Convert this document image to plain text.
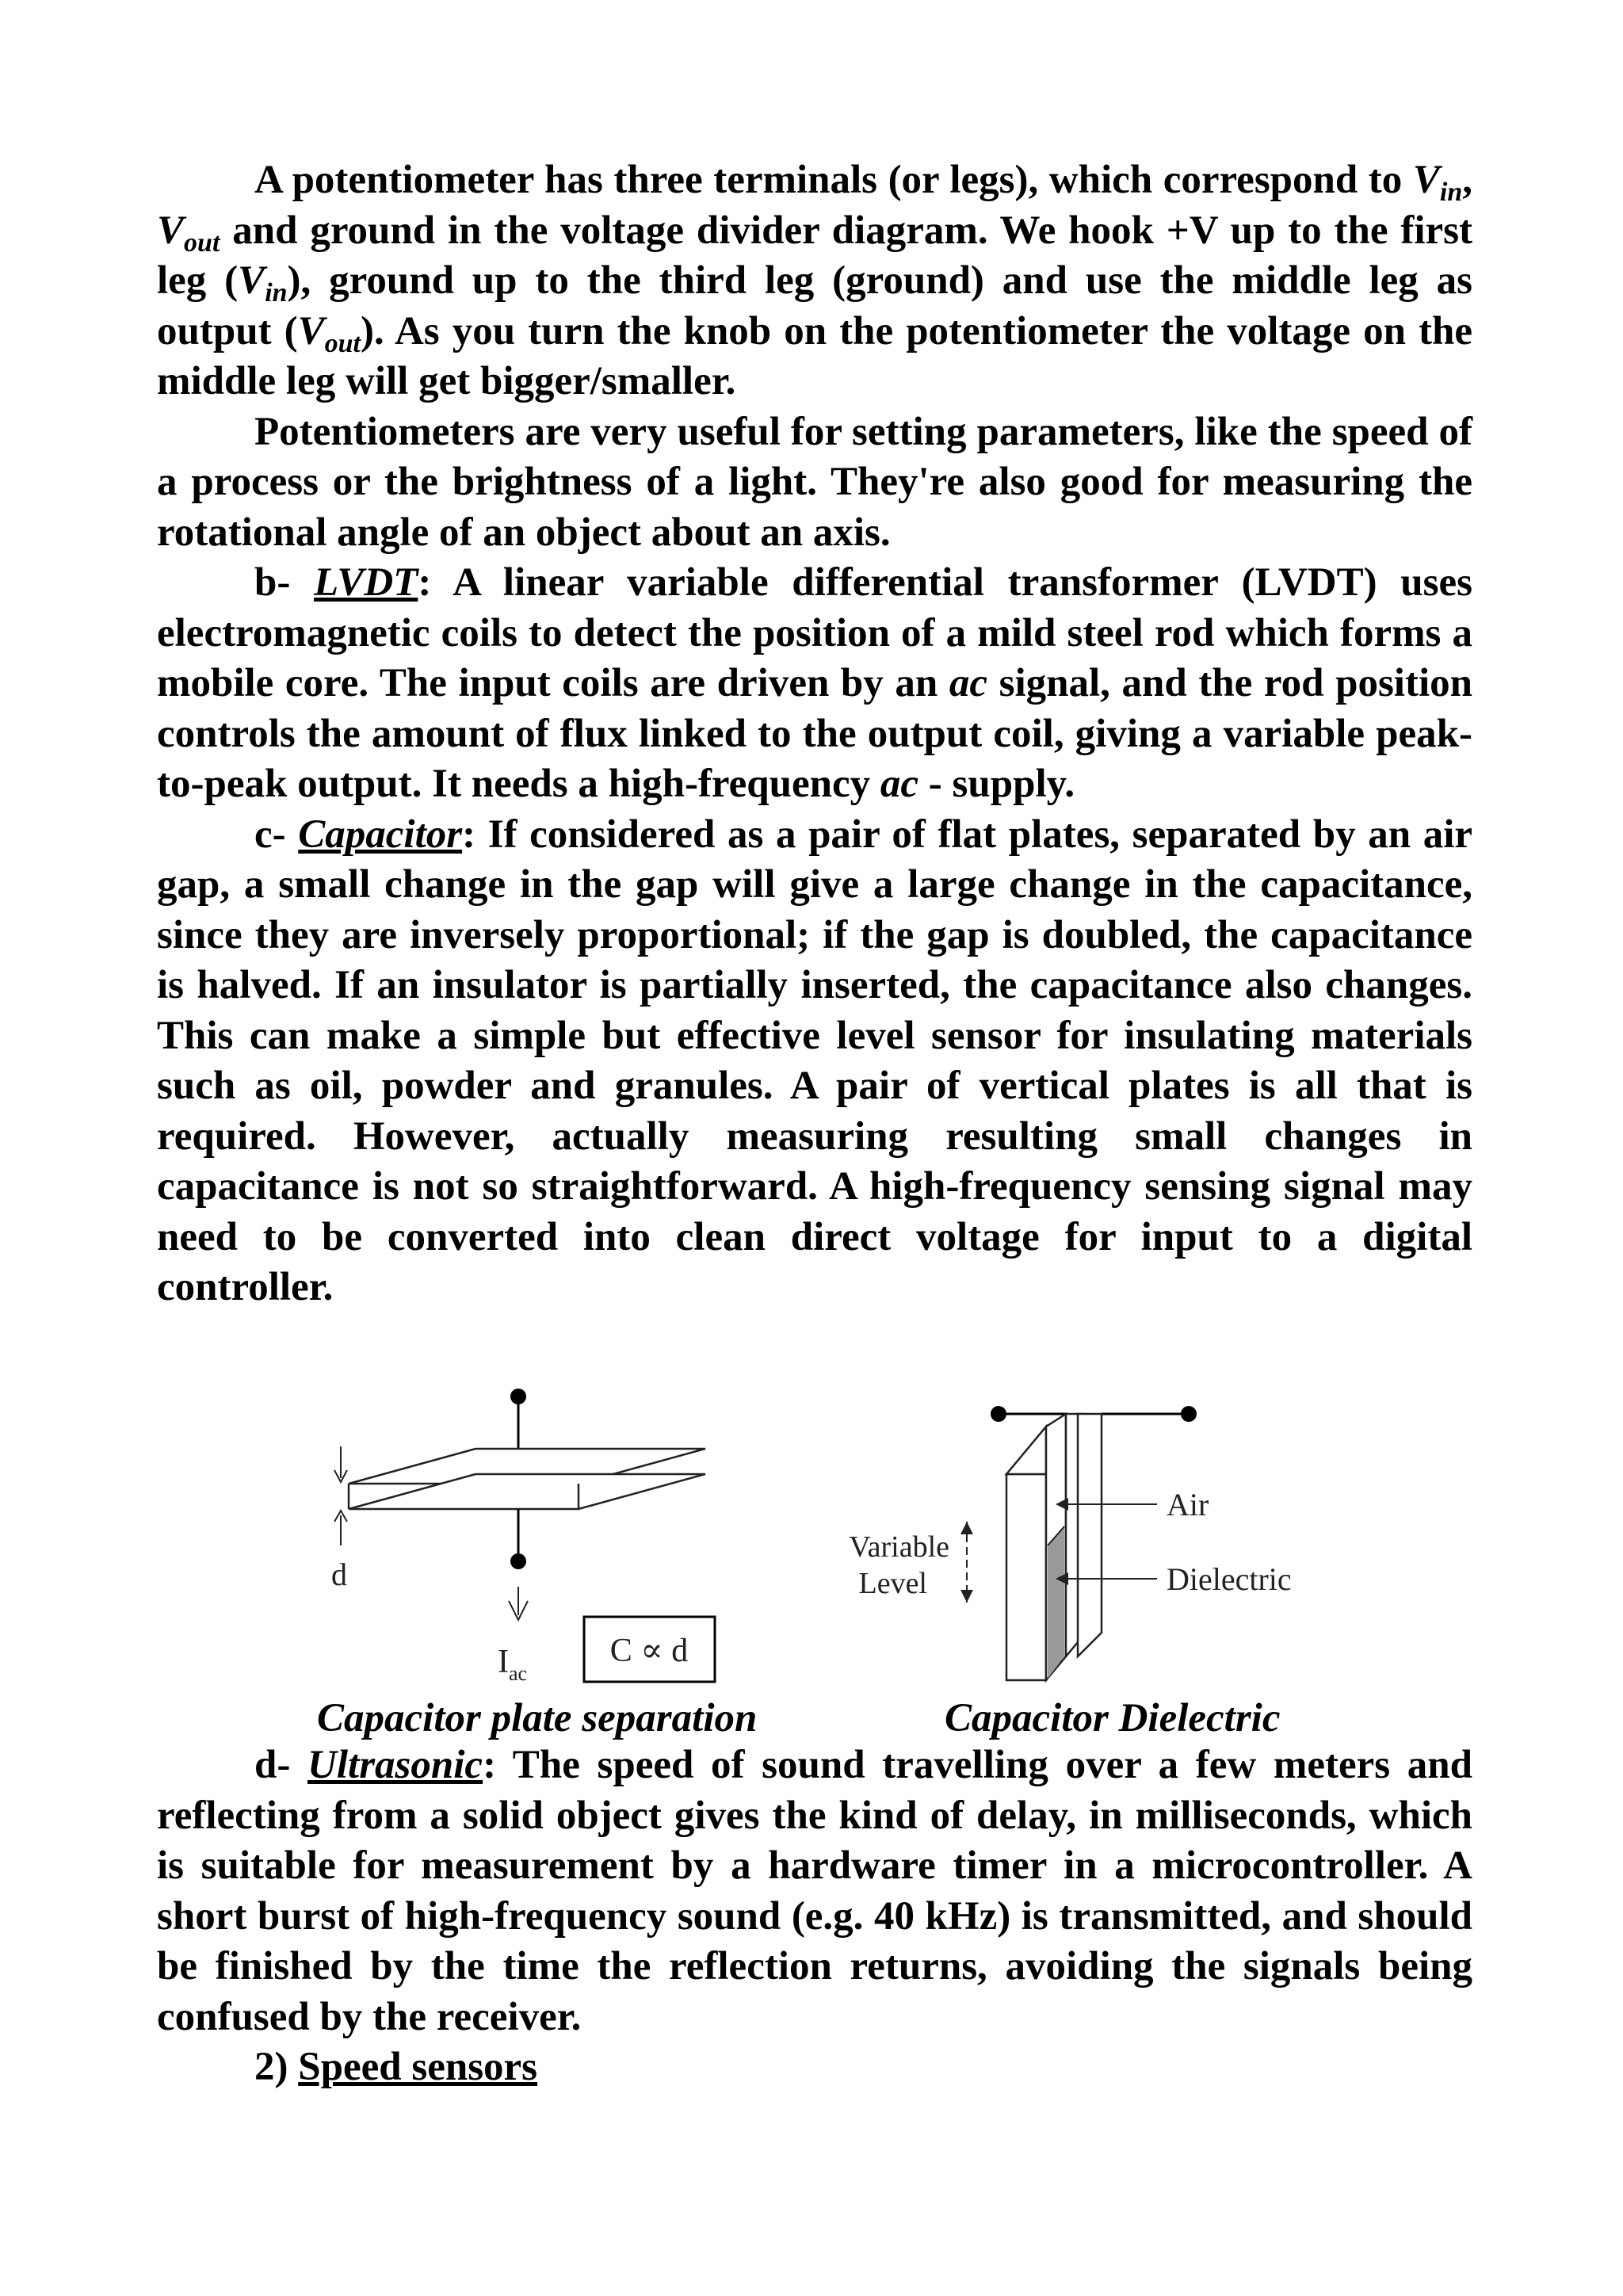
A potentiometer has three terminals (or legs), which correspond to $V_{in}$, $V_{out}$ and ground in the voltage divider diagram. We hook +V up to the first leg $(V_{in})$, ground up to the third leg (ground) and use the middle leg as output $(V_{out})$. As you turn the knob on the potentiometer the voltage on the middle leg will get bigger/smaller.

Potentiometers are very useful for setting parameters, like the speed of a process or the brightness of a light. They're also good for measuring the rotational angle of an object about an axis.

b- LVDT: A linear variable differential transformer (LVDT) uses electromagnetic coils to detect the position of a mild steel rod which forms a mobile core. The input coils are driven by an ac signal, and the rod position controls the amount of flux linked to the output coil, giving a variable peak-to-peak output. It needs a high-frequency ac - supply.

c- Capacitor: If considered as a pair of flat plates, separated by an air gap, a small change in the gap will give a large change in the capacitance, since they are inversely proportional; if the gap is doubled, the capacitance is halved. If an insulator is partially inserted, the capacitance also changes. This can make a simple but effective level sensor for insulating materials such as oil, powder and granules. A pair of vertical plates is all that is required. However, actually measuring resulting small changes in capacitance is not so straightforward. A high-frequency sensing signal may need to be converted into clean direct voltage for input to a digital controller.

d
$I_{ac}$
C ∝ d
Air
Dielectric
Variable
Level
Capacitor plate separation	Capacitor Dielectric

d- Ultrasonic: The speed of sound travelling over a few meters and reflecting from a solid object gives the kind of delay, in milliseconds, which is suitable for measurement by a hardware timer in a microcontroller. A short burst of high-frequency sound (e.g. 40 kHz) is transmitted, and should be finished by the time the reflection returns, avoiding the signals being confused by the receiver.

2) Speed sensors
